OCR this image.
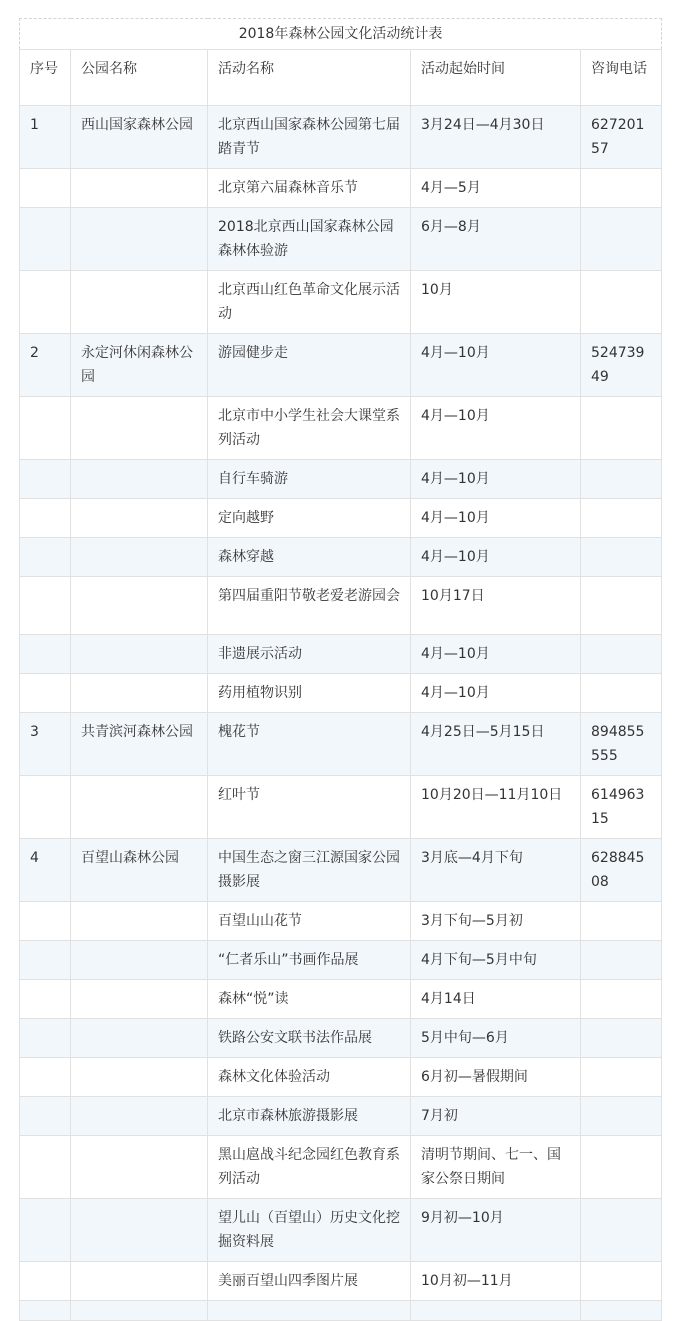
2018年森林公园文化活动统计表				
序号	公园名称	活动名称	活动起始时间	咨询电话
1	西山国家森林公园	北京西山国家森林公园第七届踏青节	3月24日—4月30日	62720157
		北京第六届森林音乐节	4月—5月	
		2018北京西山国家森林公园森林体验游	6月—8月	
		北京西山红色革命文化展示活动	10月	
2	永定河休闲森林公园	游园健步走	4月—10月	52473949
		北京市中小学生社会大课堂系列活动	4月—10月	
		自行车骑游	4月—10月	
		定向越野	4月—10月	
		森林穿越	4月—10月	
		第四届重阳节敬老爱老游园会	10月17日	
		非遗展示活动	4月—10月	
		药用植物识别	4月—10月	
3	共青滨河森林公园	槐花节	4月25日—5月15日	894855555
		红叶节	10月20日—11月10日	61496315
4	百望山森林公园	中国生态之窗三江源国家公园摄影展	3月底—4月下旬	62884508
		百望山山花节	3月下旬—5月初	
		“仁者乐山”书画作品展	4月下旬—5月中旬	
		森林“悦”读	4月14日	
		铁路公安文联书法作品展	5月中旬—6月	
		森林文化体验活动	6月初—暑假期间	
		北京市森林旅游摄影展	7月初	
		黑山扈战斗纪念园红色教育系列活动	清明节期间、七一、国家公祭日期间	
		望儿山（百望山）历史文化挖掘资料展	9月初—10月	
		美丽百望山四季图片展	10月初—11月	
